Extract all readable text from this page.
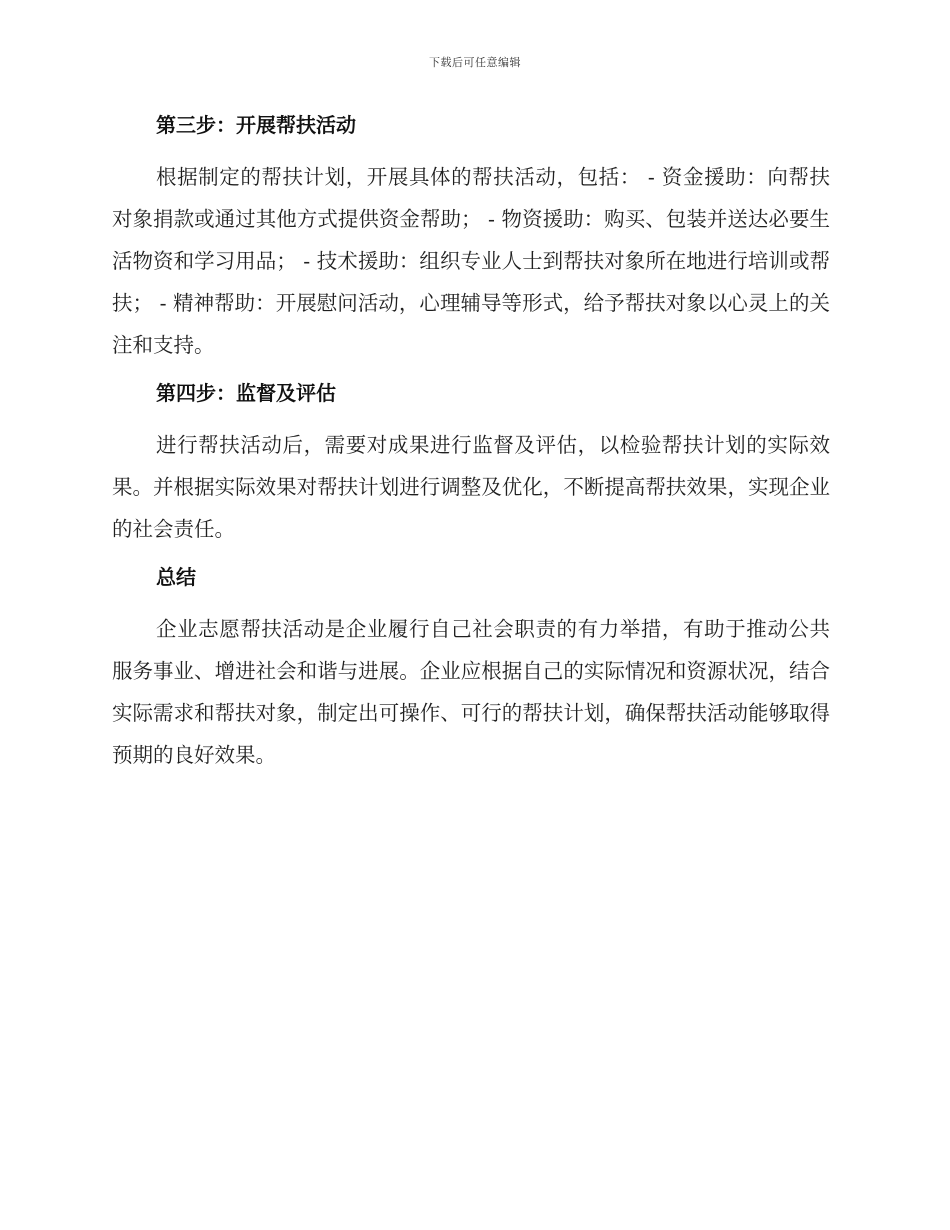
下载后可任意编辑
第三步：开展帮扶活动

根据制定的帮扶计划，开展具体的帮扶活动，包括： - 资金援助：向帮扶对象捐款或通过其他方式提供资金帮助； - 物资援助：购买、包装并送达必要生活物资和学习用品； - 技术援助：组织专业人士到帮扶对象所在地进行培训或帮扶； - 精神帮助：开展慰问活动，心理辅导等形式，给予帮扶对象以心灵上的关注和支持。

第四步：监督及评估

进行帮扶活动后，需要对成果进行监督及评估，以检验帮扶计划的实际效果。并根据实际效果对帮扶计划进行调整及优化，不断提高帮扶效果，实现企业的社会责任。

总结

企业志愿帮扶活动是企业履行自己社会职责的有力举措，有助于推动公共服务事业、增进社会和谐与进展。企业应根据自己的实际情况和资源状况，结合实际需求和帮扶对象，制定出可操作、可行的帮扶计划，确保帮扶活动能够取得预期的良好效果。
